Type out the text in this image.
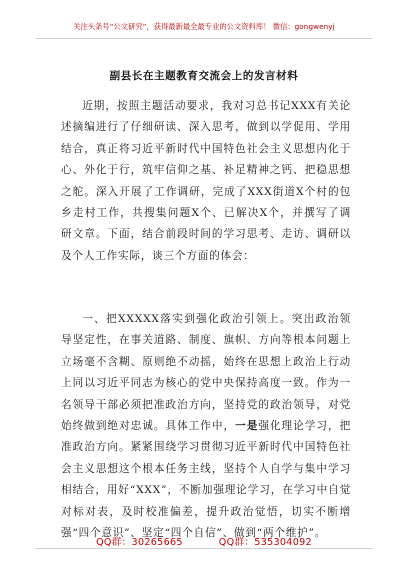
关注头条号“公文研究”，获得最新最全最专业的公文资料库！ 微信：gongwenyj
副县长在主题教育交流会上的发言材料

近期，按照主题活动要求，我对习总书记XXX有关论述摘编进行了仔细研读、深入思考，做到以学促用、学用结合，真正将习近平新时代中国特色社会主义思想内化于心、外化于行，筑牢信仰之基、补足精神之钙、把稳思想之舵。深入开展了工作调研，完成了XXX街道X个村的包乡走村工作，共搜集问题X个、已解决X个，并撰写了调研文章。下面，结合前段时间的学习思考、走访、调研以及个人工作实际，谈三个方面的体会：

一、把XXXXX落实到强化政治引领上。突出政治领导坚定性，在事关道路、制度、旗帜、方向等根本问题上立场毫不含糊、原则绝不动摇，始终在思想上政治上行动上同以习近平同志为核心的党中央保持高度一致。作为一名领导干部必须把准政治方向，坚持党的政治领导，对党始终做到绝对忠诚。具体工作中，一是强化理论学习，把准政治方向。紧紧围绕学习贯彻习近平新时代中国特色社会主义思想这个根本任务主线，坚持个人自学与集中学习相结合，用好“XXX”，不断加强理论学习，在学习中自觉对标对表，及时校准偏差，提升政治觉悟，切实不断增强“四个意识”、坚定“四个自信”、做到“两个维护”。

QQ群：30265665	QQ群：535304092
